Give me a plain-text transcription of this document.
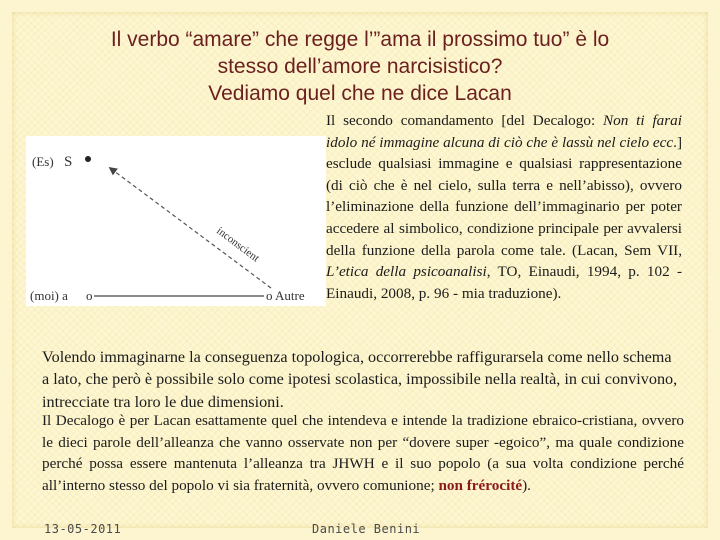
Il verbo “amare” che regge l’”ama il prossimo tuo” è lo
stesso dell’amore narcisistico?
Vediamo quel che ne dice Lacan
(Es) S
inconscient
(moi) a o	o Autre
Il secondo comandamento [del Decalogo: Non ti farai idolo né immagine alcuna di ciò che è lassù nel cielo ecc.] esclude qualsiasi immagine e qualsiasi rappresentazione (di ciò che è nel cielo, sulla terra e nell’abisso), ovvero l’eliminazione della funzione dell’immaginario per poter accedere al simbolico, condizione principale per avvalersi della funzione della parola come tale. (Lacan, Sem VII, L’etica della psicoanalisi, TO, Einaudi, 1994, p. 102 - Einaudi, 2008, p. 96 - mia traduzione).
Volendo immaginarne la conseguenza topologica, occorrerebbe raffigurarsela come nello schema a lato, che però è possibile solo come ipotesi scolastica, impossibile nella realtà, in cui convivono, intrecciate tra loro le due dimensioni.
Il Decalogo è per Lacan esattamente quel che intendeva e intende la tradizione ebraico-cristiana, ovvero le dieci parole dell’alleanza che vanno osservate non per “dovere super -egoico”, ma quale condizione perché possa essere mantenuta l’alleanza tra JHWH e il suo popolo (a sua volta condizione perché all’interno stesso del popolo vi sia fraternità, ovvero comunione; non frérocité).
13-05-2011	Daniele Benini
